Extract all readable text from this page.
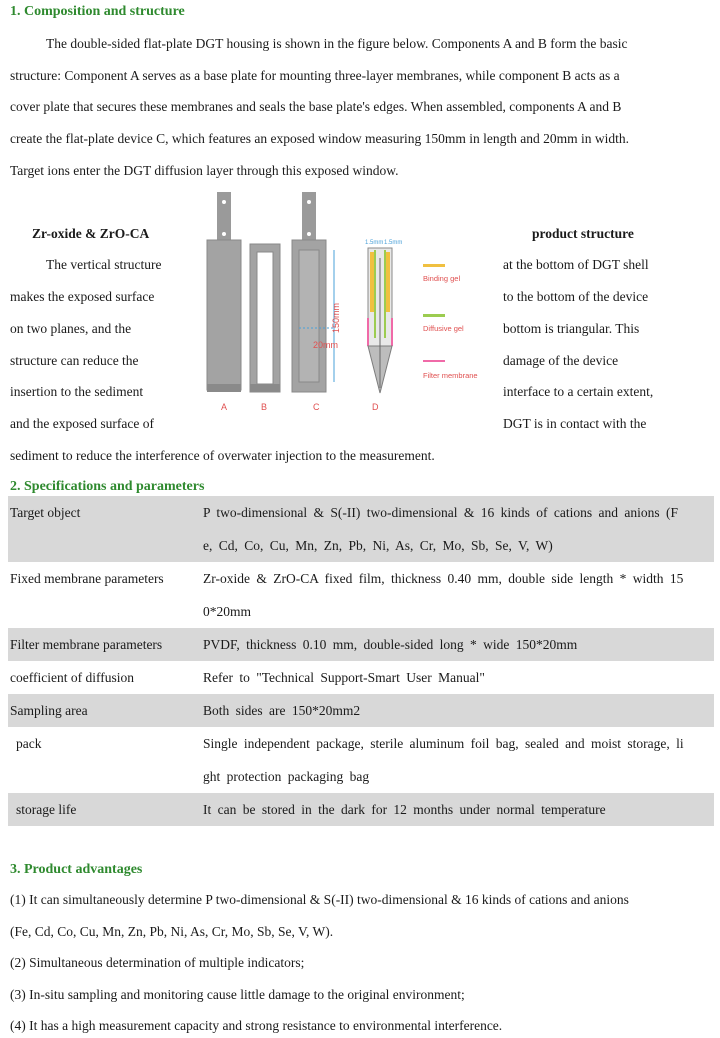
1. Composition and structure
The double-sided flat-plate DGT housing is shown in the figure below. Components A and B form the basic
structure: Component A serves as a base plate for mounting three-layer membranes, while component B acts as a
cover plate that secures these membranes and seals the base plate's edges. When assembled, components A and B
create the flat-plate device C, which features an exposed window measuring 150mm in length and 20mm in width.
Target ions enter the DGT diffusion layer through this exposed window.
Zr-oxide & ZrO-CA
The vertical structure
makes the exposed surface
on two planes, and the
structure can reduce the
insertion to the sediment
and the exposed surface of
product structure
at the bottom of DGT shell
to the bottom of the device
bottom is triangular. This
damage of the device
interface to a certain extent,
DGT is in contact with the
sediment to reduce the interference of overwater injection to the measurement.
150mm
20mm
1.5mm 1.5mm
A	B	C	D
Binding gel
Diffusive gel
Filter membrane
2. Specifications and parameters
Target object	P two-dimensional & S(-II) two-dimensional & 16 kinds of cations and anions (F
e, Cd, Co, Cu, Mn, Zn, Pb, Ni, As, Cr, Mo, Sb, Se, V, W)
Fixed membrane parameters	Zr-oxide & ZrO-CA fixed film, thickness 0.40 mm, double side length * width 15
0*20mm
Filter membrane parameters	PVDF, thickness 0.10 mm, double-sided long * wide 150*20mm
coefficient of diffusion	Refer to "Technical Support-Smart User Manual"
Sampling area	Both sides are 150*20mm2
pack	Single independent package, sterile aluminum foil bag, sealed and moist storage, li
ght protection packaging bag
storage life	It can be stored in the dark for 12 months under normal temperature
3. Product advantages
(1) It can simultaneously determine P two-dimensional & S(-II) two-dimensional & 16 kinds of cations and anions
(Fe, Cd, Co, Cu, Mn, Zn, Pb, Ni, As, Cr, Mo, Sb, Se, V, W).
(2) Simultaneous determination of multiple indicators;
(3) In-situ sampling and monitoring cause little damage to the original environment;
(4) It has a high measurement capacity and strong resistance to environmental interference.
